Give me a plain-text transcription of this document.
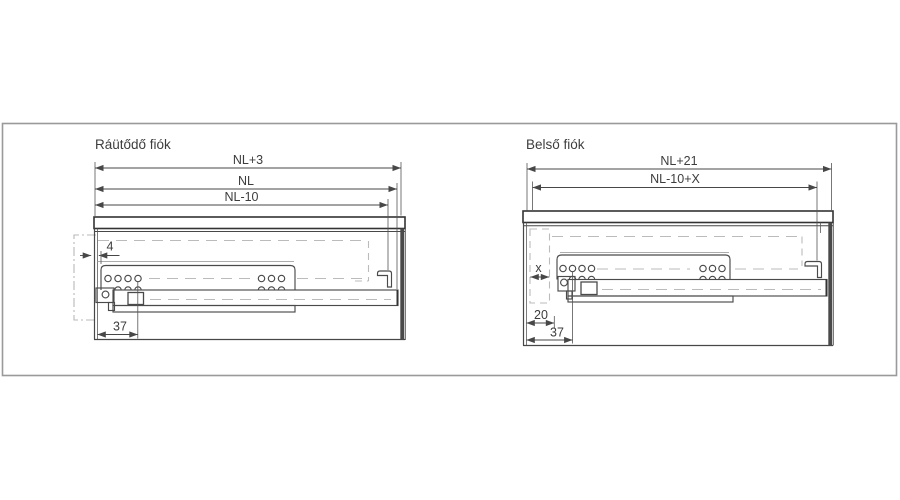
Ráütődő fiók
NL+3
NL
NL-10
4
37
Belső fiók
NL+21
NL-10+X
x
20
37
